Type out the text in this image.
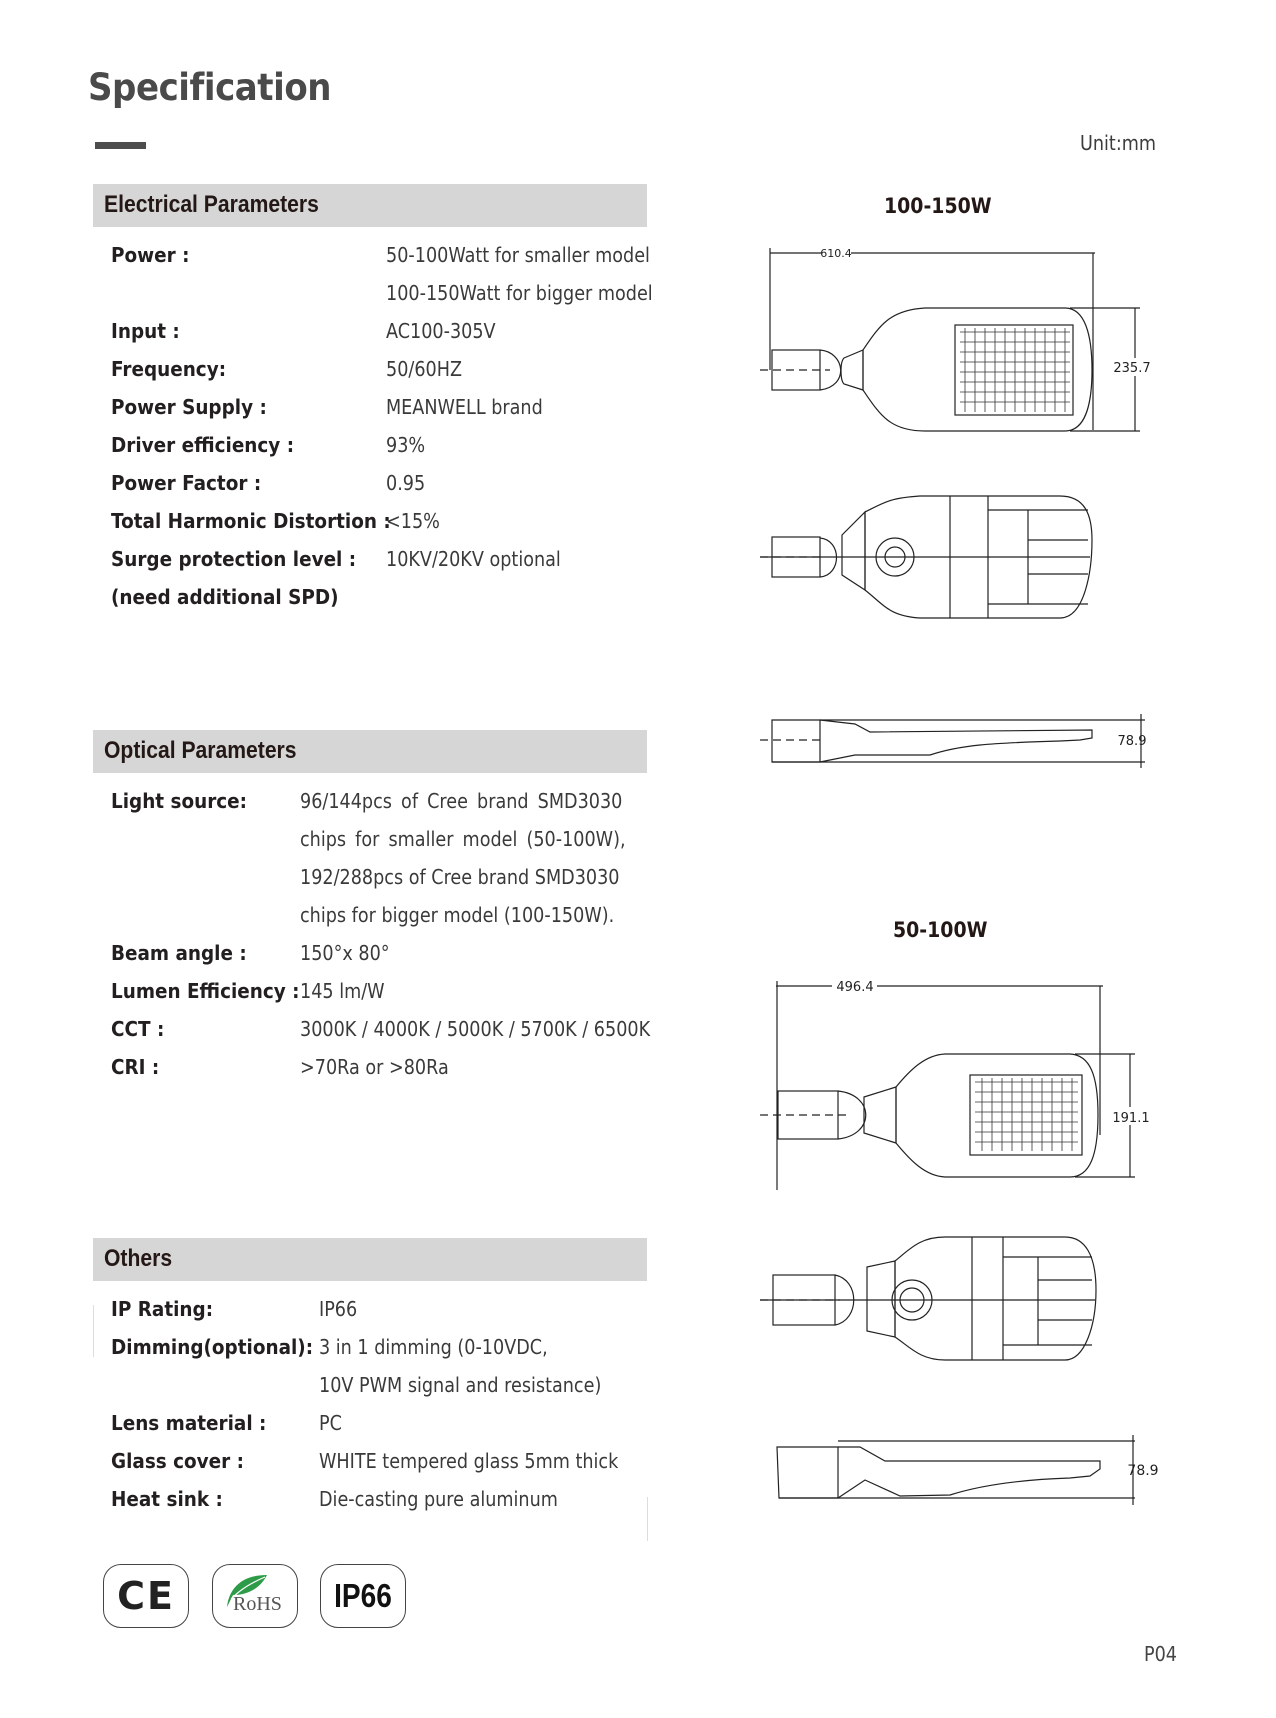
Specification
Unit:mm
Electrical Parameters
Power :	50-100Watt for smaller model
100-150Watt for bigger model
Input :	AC100-305V
Frequency:	50/60HZ
Power Supply :	MEANWELL brand
Driver efficiency :	93%
Power Factor :	0.95
Total Harmonic Distortion :
<15%
Surge protection level : 10KV/20KV optional
(need additional SPD)
Optical Parameters
Light source:	96/144pcs of Cree brand SMD3030
chips for smaller model (50-100W),
192/288pcs of Cree brand SMD3030
chips for bigger model (100-150W).
Beam angle :	150°x 80°
Lumen Efficiency : 145 lm/W
CCT :	3000K / 4000K / 5000K / 5700K / 6500K
CRI :	>70Ra or >80Ra
Others
IP Rating:	IP66
Dimming(optional): 3 in 1 dimming (0-10VDC,
10V PWM signal and resistance)
Lens material :	PC
Glass cover :	WHITE tempered glass 5mm thick
Heat sink :	Die-casting pure aluminum
CE	RoHS IP66
100-150W
610.4
235.7
78.9
50-100W
496.4
191.1
78.9
P04
